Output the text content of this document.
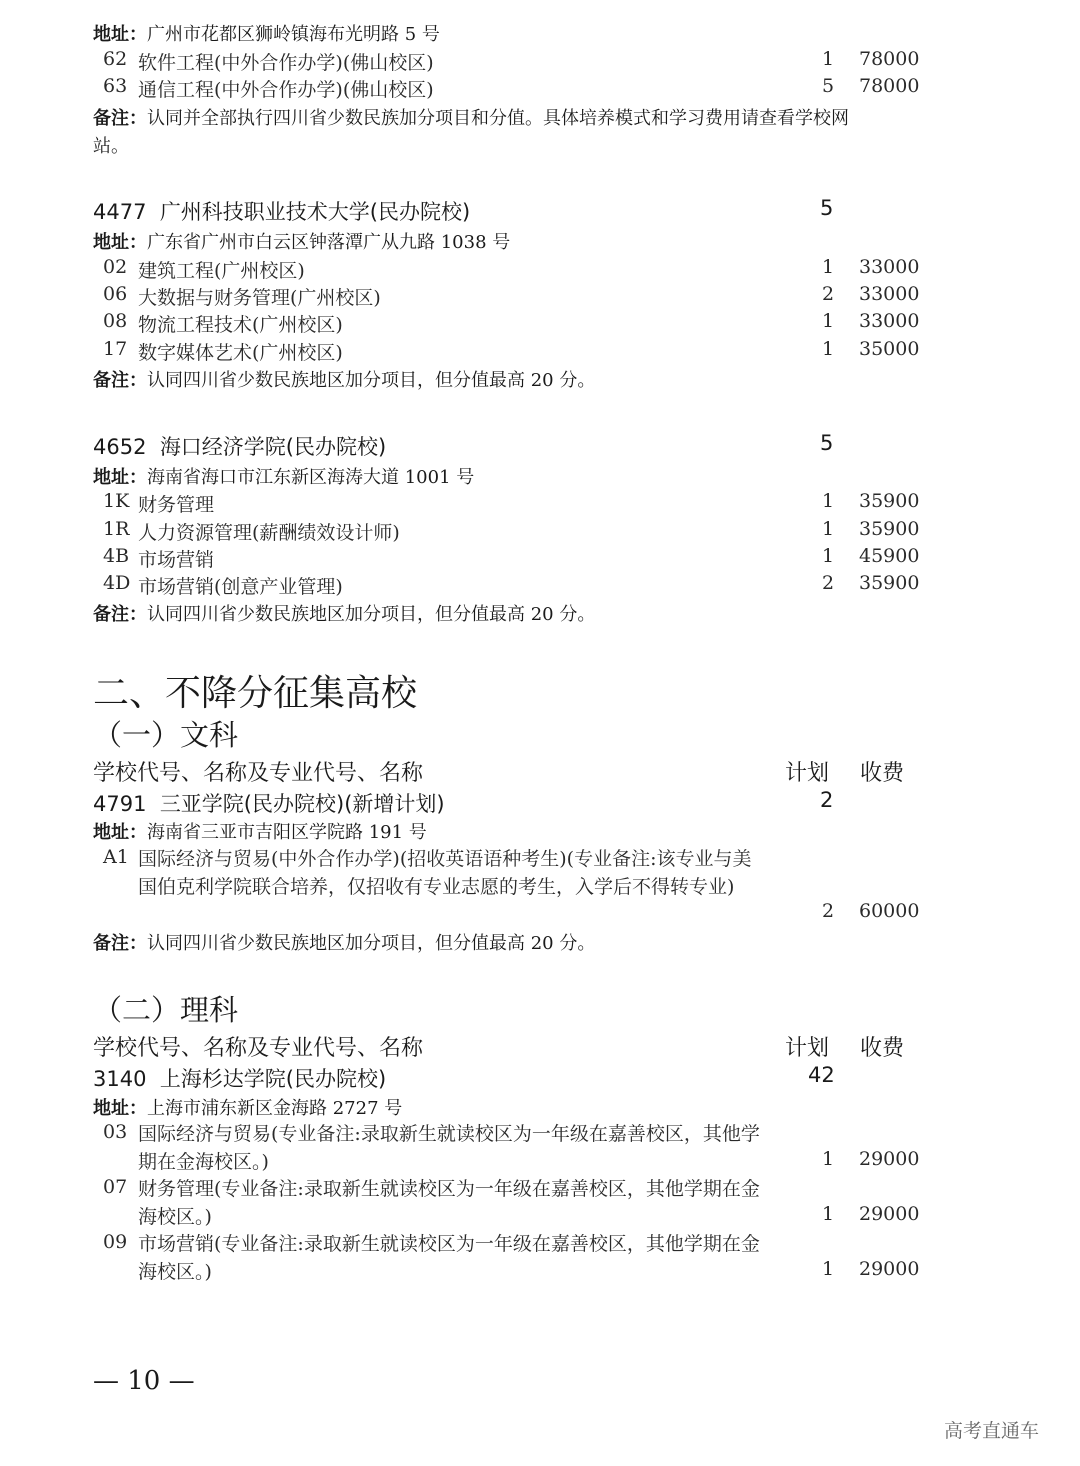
地址：广州市花都区狮岭镇海布光明路 5 号
62 软件工程(中外合作办学)(佛山校区)	1 78000
63 通信工程(中外合作办学)(佛山校区)	5 78000
备注：认同并全部执行四川省少数民族加分项目和分值。具体培养模式和学习费用请查看学校网
站。
4477 广州科技职业技术大学(民办院校)	5
地址：广东省广州市白云区钟落潭广从九路 1038 号
02 建筑工程(广州校区)	1 33000
06 大数据与财务管理(广州校区)	2 33000
08 物流工程技术(广州校区)	1 33000
17 数字媒体艺术(广州校区)	1 35000
备注：认同四川省少数民族地区加分项目，但分值最高 20 分。
4652 海口经济学院(民办院校)	5
地址：海南省海口市江东新区海涛大道 1001 号
1K 财务管理	1 35900
1R 人力资源管理(薪酬绩效设计师)	1 35900
4B 市场营销	1 45900
4D 市场营销(创意产业管理)	2 35900
备注：认同四川省少数民族地区加分项目，但分值最高 20 分。
二、不降分征集高校
（一）文科
学校代号、名称及专业代号、名称	计划 收费
4791 三亚学院(民办院校)(新增计划)	2
地址：海南省三亚市吉阳区学院路 191 号
A1 国际经济与贸易(中外合作办学)(招收英语语种考生)(专业备注:该专业与美国伯克利学院联合培养，仅招收有专业志愿的考生，入学后不得转专业)
2 60000
备注：认同四川省少数民族地区加分项目，但分值最高 20 分。
（二）理科
学校代号、名称及专业代号、名称	计划 收费
3140 上海杉达学院(民办院校)	42
地址：上海市浦东新区金海路 2727 号
03 国际经济与贸易(专业备注:录取新生就读校区为一年级在嘉善校区，其他学期在金海校区。)	1 29000
07 财务管理(专业备注:录取新生就读校区为一年级在嘉善校区，其他学期在金海校区。)	1 29000
09 市场营销(专业备注:录取新生就读校区为一年级在嘉善校区，其他学期在金海校区。)	1 29000
— 10 —
高考直通车
